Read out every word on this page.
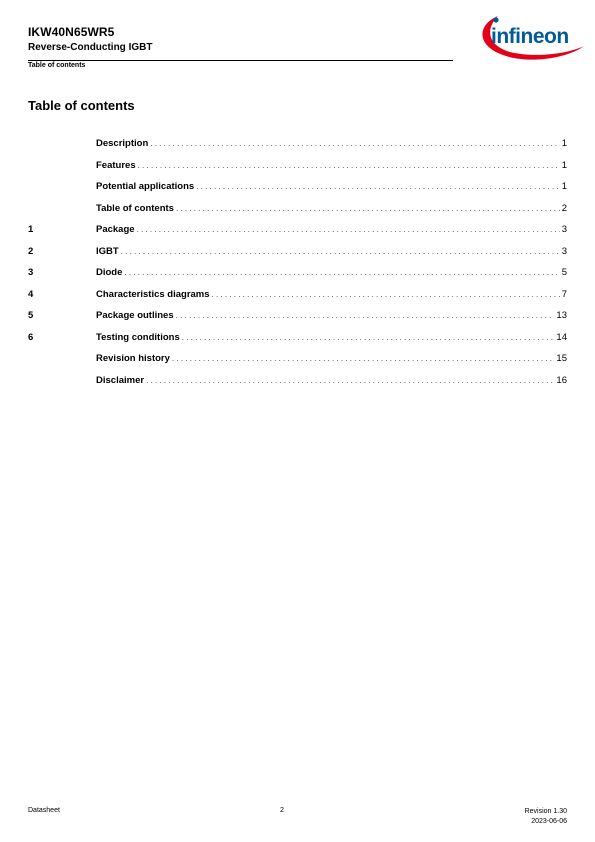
IKW40N65WR5
Reverse-Conducting IGBT
Table of contents
infineon
Table of contents
Description . . .	1
Features . . .	1
Potential applications . . .	1
Table of contents . . .	2
1	Package . . .	3
2	IGBT . . .	3
3	Diode . . .	5
4	Characteristics diagrams . . .	7
5	Package outlines . . .	13
6	Testing conditions . . .	14
Revision history . . .	15
Disclaimer . . .	16
Datasheet	2	Revision 1.30
2023-06-06
